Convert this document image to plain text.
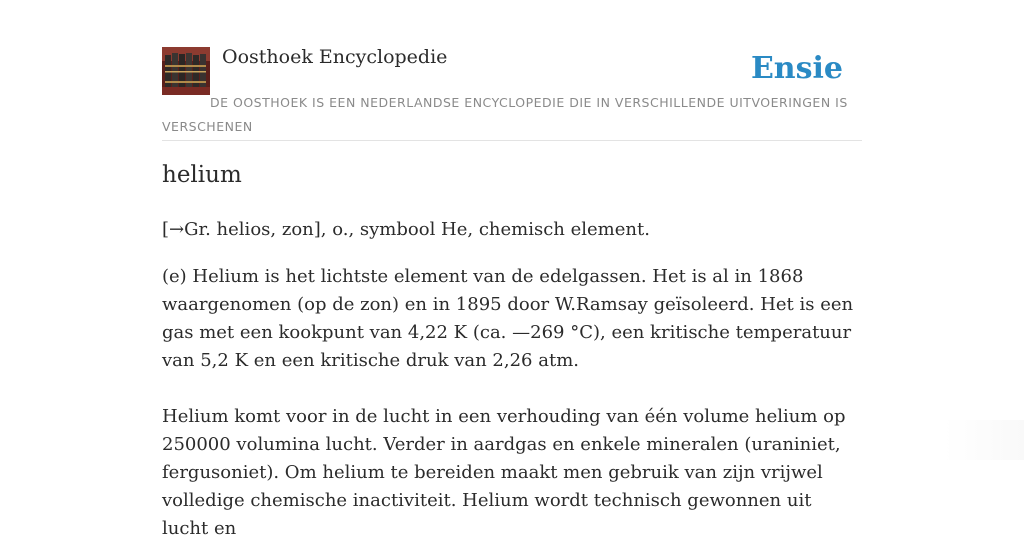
Oosthoek Encyclopedie	Ensie
DE OOSTHOEK IS EEN NEDERLANDSE ENCYCLOPEDIE DIE IN VERSCHILLENDE UITVOERINGEN IS VERSCHENEN
helium

[→Gr. helios, zon], o., symbool He, chemisch element.

(e) Helium is het lichtste element van de edelgassen. Het is al in 1868 waargenomen (op de zon) en in 1895 door W.Ramsay geïsoleerd. Het is een gas met een kookpunt van 4,22 K (ca. —269 °C), een kritische temperatuur van 5,2 K en een kritische druk van 2,26 atm.

Helium komt voor in de lucht in een verhouding van één volume helium op 250000 volumina lucht. Verder in aardgas en enkele mineralen (uraniniet, fergusoniet). Om helium te bereiden maakt men gebruik van zijn vrijwel volledige chemische inactiviteit. Helium wordt technisch gewonnen uit lucht en
